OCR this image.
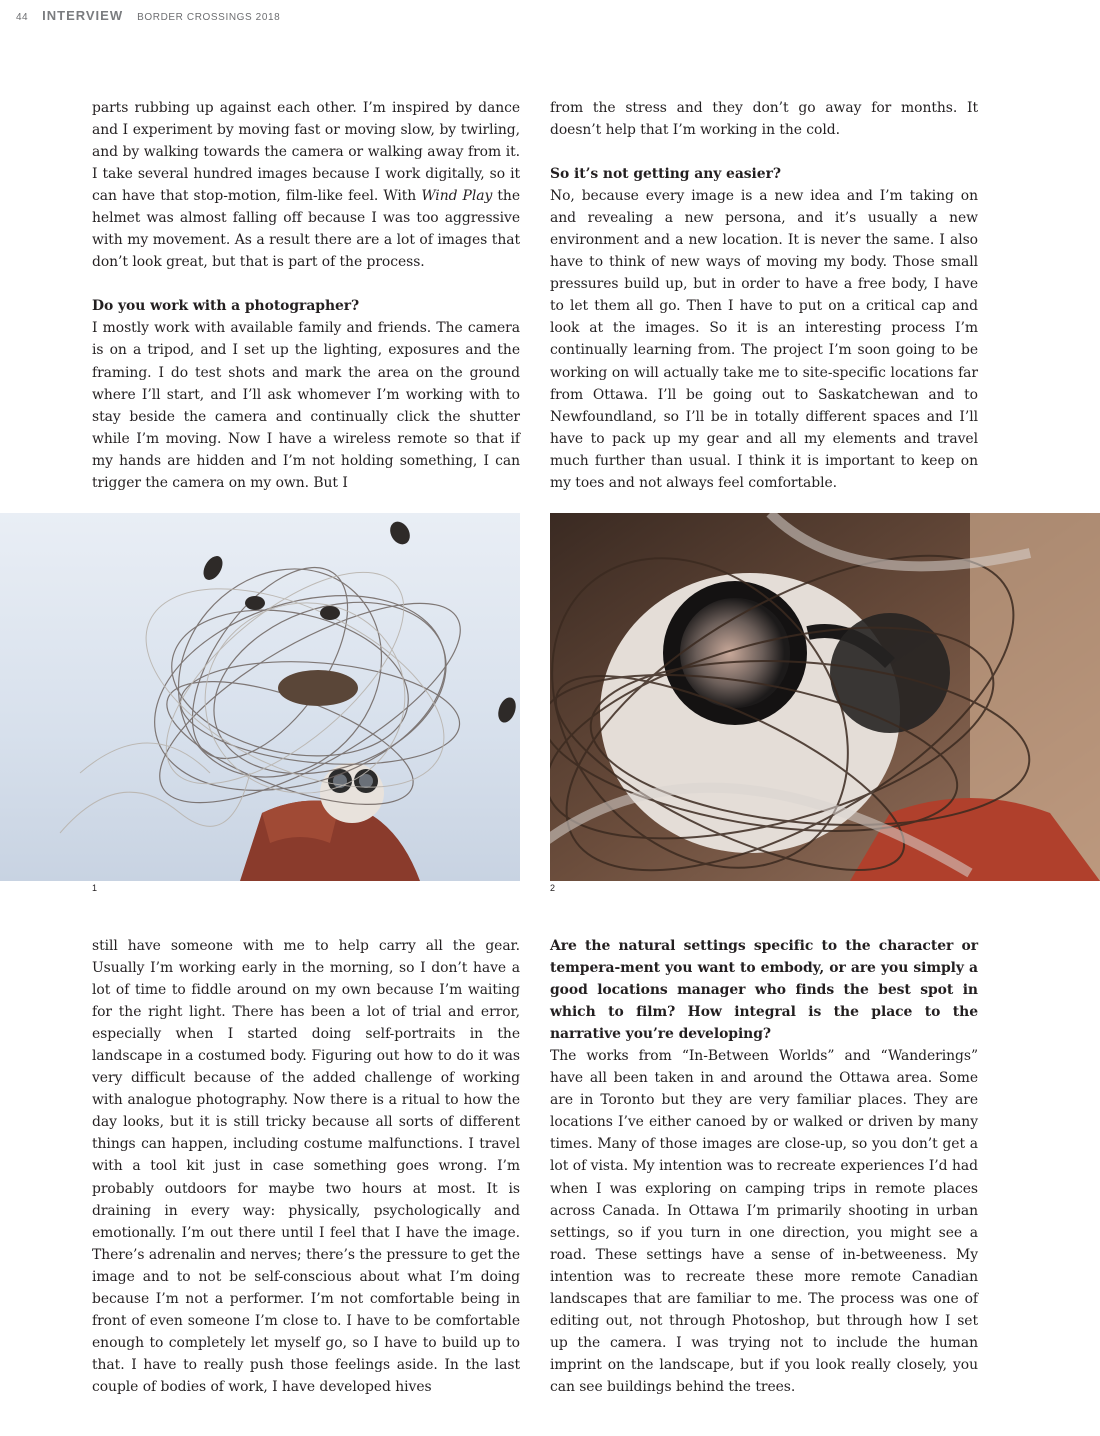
44 INTERVIEW BORDER CROSSINGS 2018

parts rubbing up against each other. I’m inspired by dance and I experiment by moving fast or moving slow, by twirling, and by walking towards the camera or walking away from it. I take several hundred images because I work digitally, so it can have that stop-motion, film-like feel. With Wind Play the helmet was almost falling off because I was too aggressive with my movement. As a result there are a lot of images that don’t look great, but that is part of the process.

Do you work with a photographer?

I mostly work with available family and friends. The camera is on a tripod, and I set up the lighting, exposures and the framing. I do test shots and mark the area on the ground where I’ll start, and I’ll ask whomever I’m working with to stay beside the camera and continually click the shutter while I’m moving. Now I have a wireless remote so that if my hands are hidden and I’m not holding something, I can trigger the camera on my own. But I

from the stress and they don’t go away for months. It doesn’t help that I’m working in the cold.

So it’s not getting any easier?

No, because every image is a new idea and I’m taking on and revealing a new persona, and it’s usually a new environment and a new location. It is never the same. I also have to think of new ways of moving my body. Those small pressures build up, but in order to have a free body, I have to let them all go. Then I have to put on a critical cap and look at the images. So it is an interesting process I’m continually learning from. The project I’m soon going to be working on will actually take me to site-specific locations far from Ottawa. I’ll be going out to Saskatchewan and to Newfoundland, so I’ll be in totally different spaces and I’ll have to pack up my gear and all my elements and travel much further than usual. I think it is important to keep on my toes and not always feel comfortable.

1	2

still have someone with me to help carry all the gear. Usually I’m working early in the morning, so I don’t have a lot of time to fiddle around on my own because I’m waiting for the right light. There has been a lot of trial and error, especially when I started doing self-portraits in the landscape in a costumed body. Figuring out how to do it was very difficult because of the added challenge of working with analogue photography. Now there is a ritual to how the day looks, but it is still tricky because all sorts of different things can happen, including costume malfunctions. I travel with a tool kit just in case something goes wrong. I’m probably outdoors for maybe two hours at most. It is draining in every way: physically, psychologically and emotionally. I’m out there until I feel that I have the image. There’s adrenalin and nerves; there’s the pressure to get the image and to not be self-conscious about what I’m doing because I’m not a performer. I’m not comfortable being in front of even someone I’m close to. I have to be comfortable enough to completely let myself go, so I have to build up to that. I have to really push those feelings aside. In the last couple of bodies of work, I have developed hives

Are the natural settings specific to the character or tempera-ment you want to embody, or are you simply a good locations manager who finds the best spot in which to film? How integral is the place to the narrative you’re developing?

The works from “In-Between Worlds” and “Wanderings” have all been taken in and around the Ottawa area. Some are in Toronto but they are very familiar places. They are locations I’ve either canoed by or walked or driven by many times. Many of those images are close-up, so you don’t get a lot of vista. My intention was to recreate experiences I’d had when I was exploring on camping trips in remote places across Canada. In Ottawa I’m primarily shooting in urban settings, so if you turn in one direction, you might see a road. These settings have a sense of in-betweeness. My intention was to recreate these more remote Canadian landscapes that are familiar to me. The process was one of editing out, not through Photoshop, but through how I set up the camera. I was trying not to include the human imprint on the landscape, but if you look really closely, you can see buildings behind the trees.
